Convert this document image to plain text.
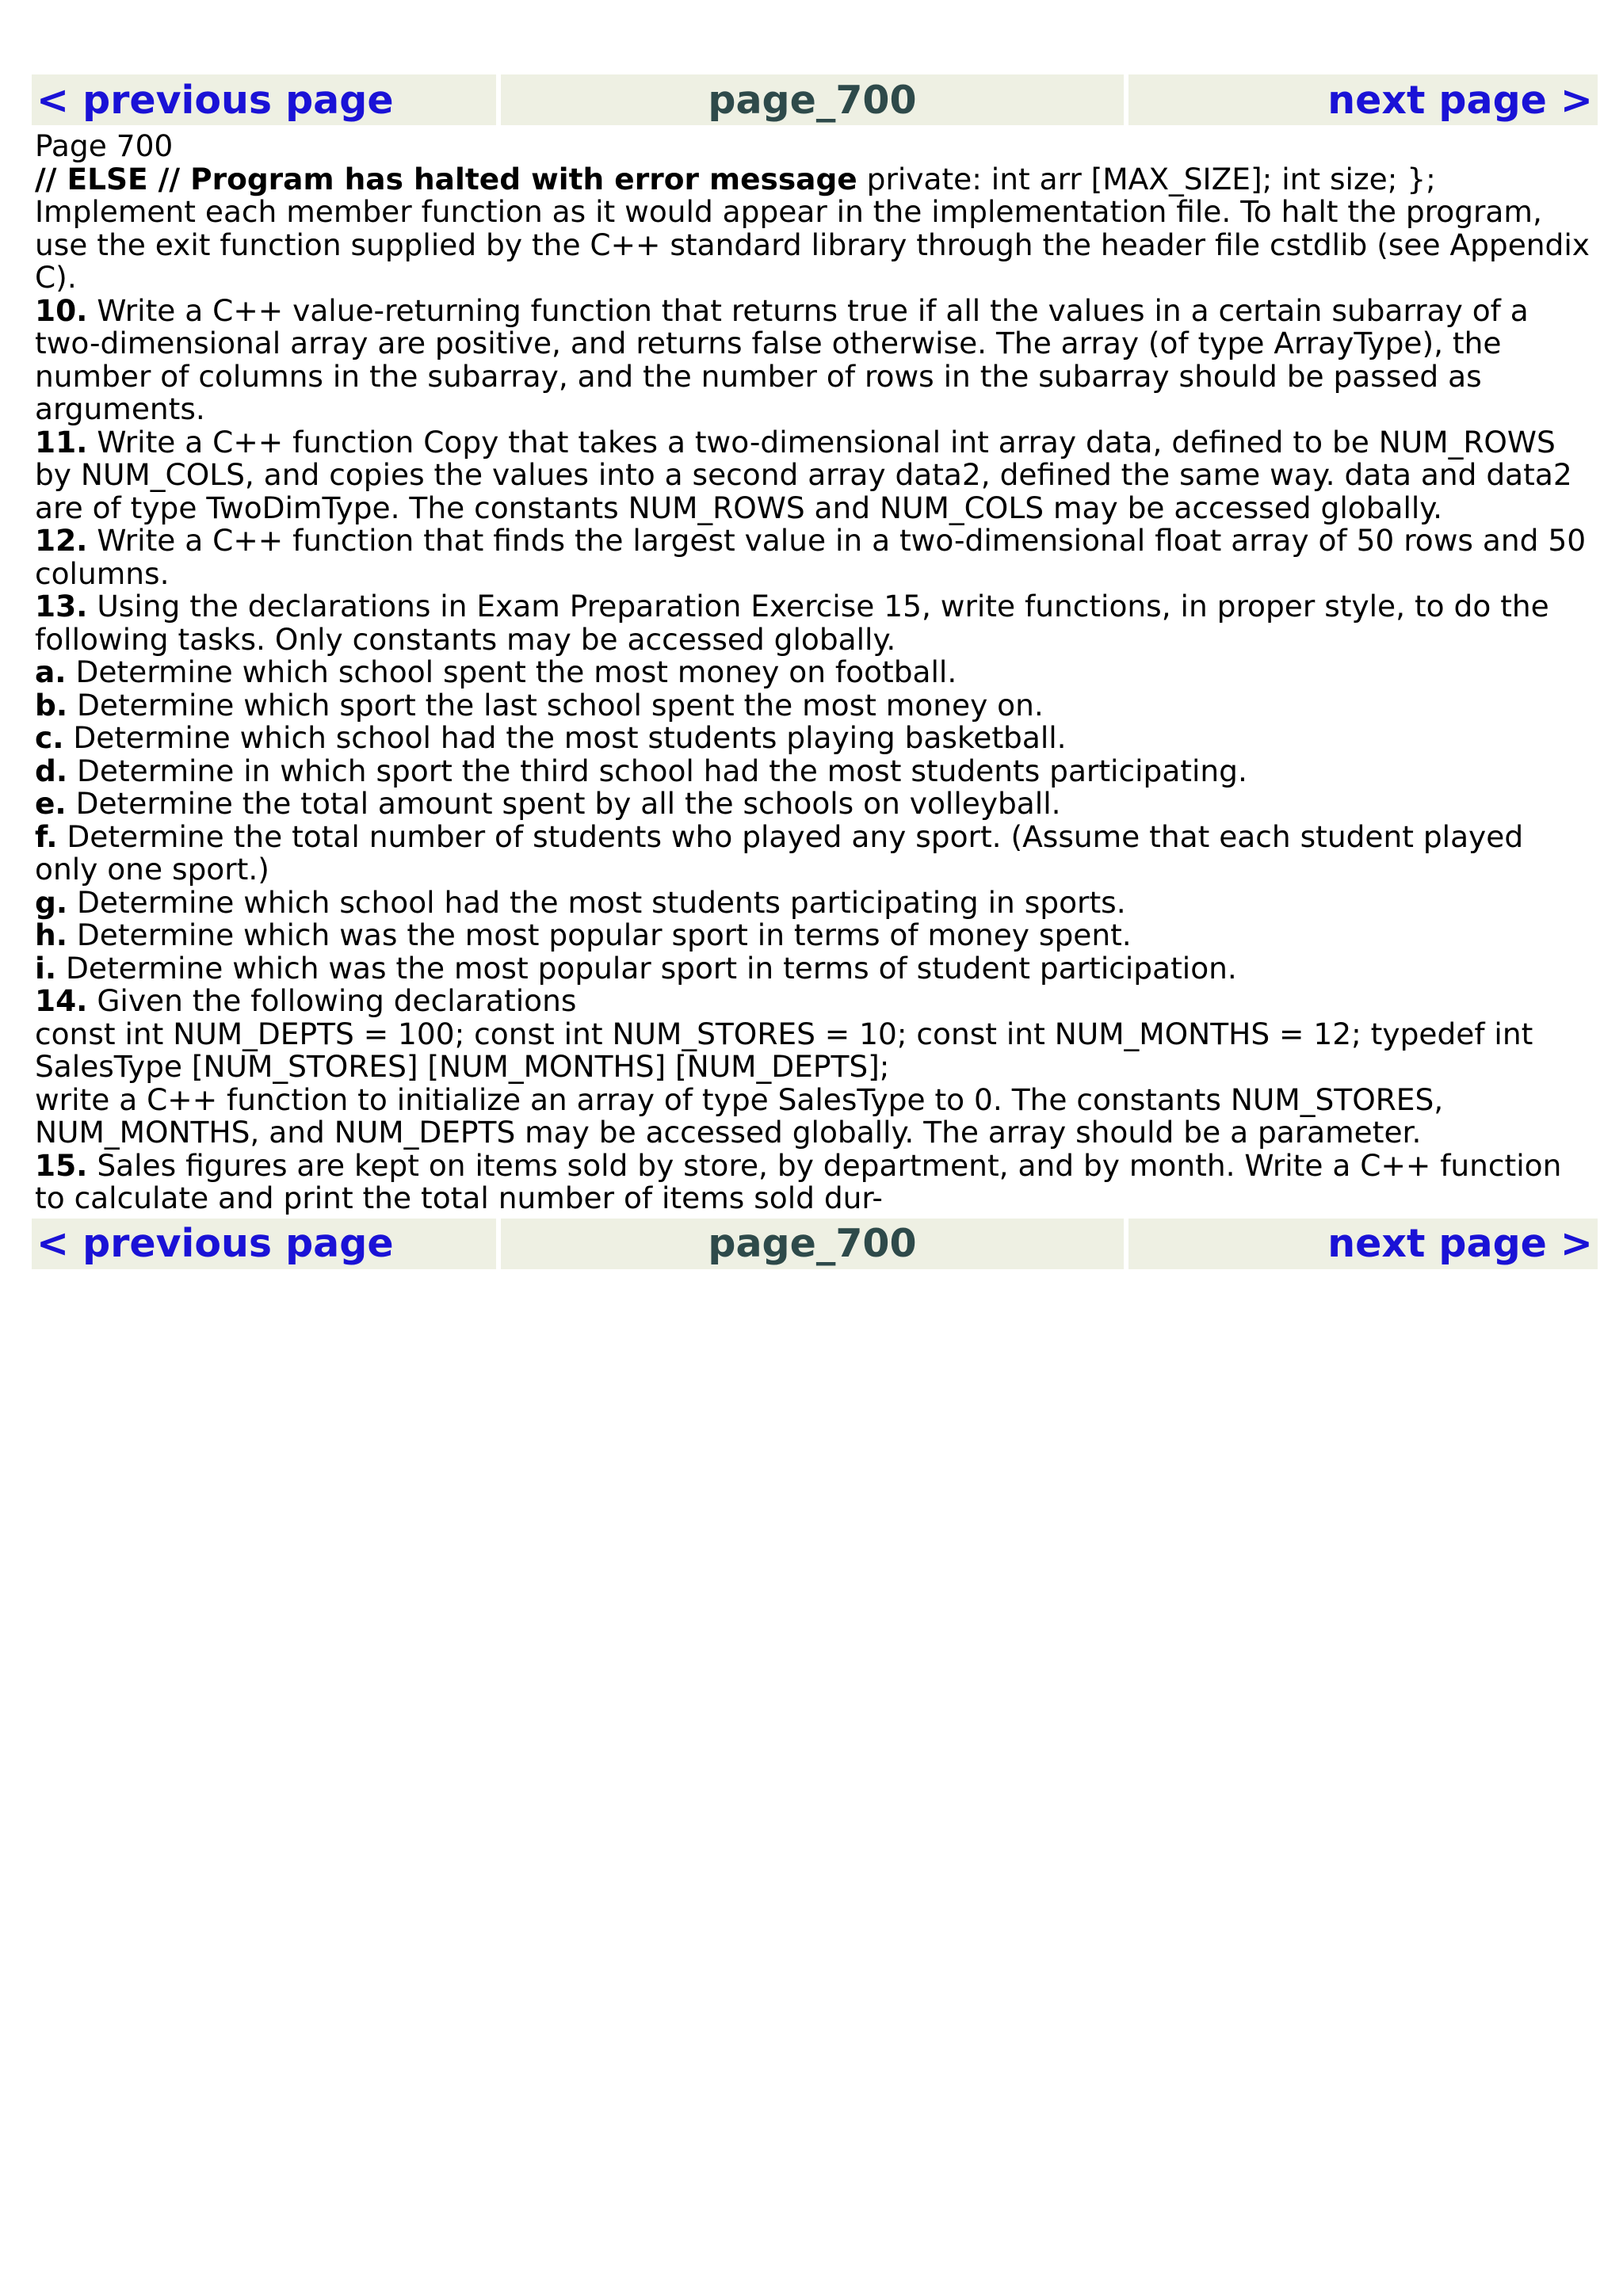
< previous page	page_700	next page >

Page 700

// ELSE // Program has halted with error message private: int arr [MAX_SIZE]; int size; }; Implement each member function as it would appear in the implementation file. To halt the program, use the exit function supplied by the C++ standard library through the header file cstdlib (see Appendix C).

10. Write a C++ value-returning function that returns true if all the values in a certain subarray of a two-dimensional array are positive, and returns false otherwise. The array (of type ArrayType), the number of columns in the subarray, and the number of rows in the subarray should be passed as arguments.

11. Write a C++ function Copy that takes a two-dimensional int array data, defined to be NUM_ROWS by NUM_COLS, and copies the values into a second array data2, defined the same way. data and data2 are of type TwoDimType. The constants NUM_ROWS and NUM_COLS may be accessed globally.

12. Write a C++ function that finds the largest value in a two-dimensional float array of 50 rows and 50 columns.

13. Using the declarations in Exam Preparation Exercise 15, write functions, in proper style, to do the following tasks. Only constants may be accessed globally.

a. Determine which school spent the most money on football.

b. Determine which sport the last school spent the most money on.

c. Determine which school had the most students playing basketball.

d. Determine in which sport the third school had the most students participating.

e. Determine the total amount spent by all the schools on volleyball.

f. Determine the total number of students who played any sport. (Assume that each student played only one sport.)

g. Determine which school had the most students participating in sports.

h. Determine which was the most popular sport in terms of money spent.

i. Determine which was the most popular sport in terms of student participation.

14. Given the following declarations

const int NUM_DEPTS = 100; const int NUM_STORES = 10; const int NUM_MONTHS = 12; typedef int SalesType [NUM_STORES] [NUM_MONTHS] [NUM_DEPTS];

write a C++ function to initialize an array of type SalesType to 0. The constants NUM_STORES, NUM_MONTHS, and NUM_DEPTS may be accessed globally. The array should be a parameter.

15. Sales figures are kept on items sold by store, by department, and by month. Write a C++ function to calculate and print the total number of items sold dur-

< previous page	page_700	next page >
